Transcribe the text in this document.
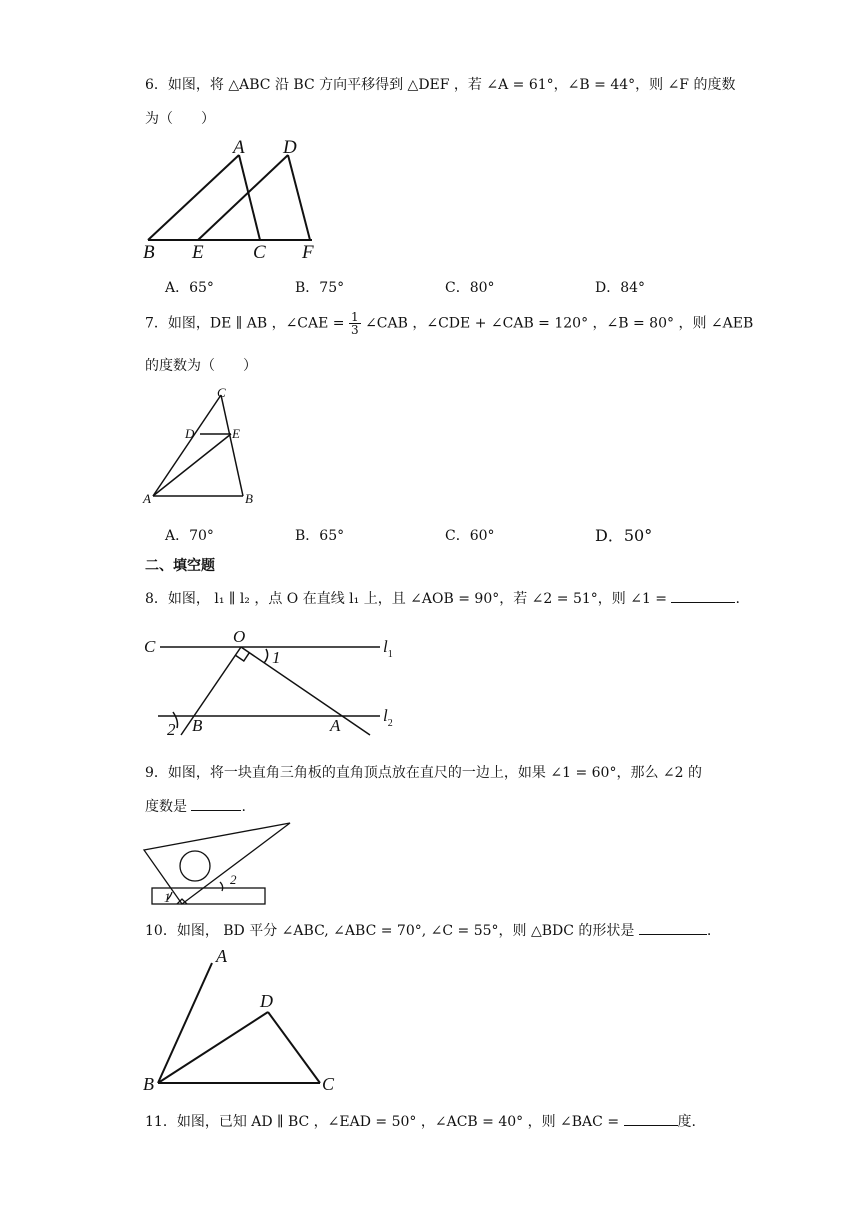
6．如图，将 △ABC 沿 BC 方向平移得到 △DEF ，若 ∠A = 61°，∠B = 44°，则 ∠F 的度数
为（　　）
A D
B E	C F
A．65°	B．75°	C．80°	D．84°
7．如图，DE ∥ AB ，∠CAE = $\frac{1}{3}$ ∠CAB ，∠CDE + ∠CAB = 120° ，∠B = 80° ，则 ∠AEB
的度数为（　　）
C
D	E
A	B
A．70°	B．65°	C．60°	D．50°
二、填空题
8．如图， l₁ ∥ l₂ ，点 O 在直线 l₁ 上，且 ∠AOB = 90°，若 ∠2 = 51°，则 ∠1 =	.
C
O
$l_1$
$l_2$
1
2 B	A
9．如图，将一块直角三角板的直角顶点放在直尺的一边上，如果 ∠1 = 60°，那么 ∠2 的
度数是	.
1
2
10．如图， BD 平分 ∠ABC, ∠ABC = 70°, ∠C = 55°，则 △BDC 的形状是	.
A
D
B	C
11．如图，已知 AD ∥ BC ，∠EAD = 50° ，∠ACB = 40° ，则 ∠BAC =	度.
